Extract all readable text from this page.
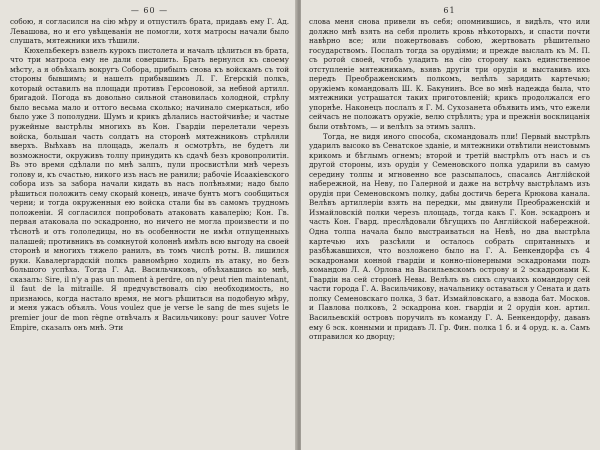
— 60 —

собою, я согласился на сію мѣру и отпустилъ брата, придавъ ему Г. Ад. Левашова, но и его увѣщеванія не помогли, хотя матросы начали было слушать, мятежники ихъ тѣшили.

Кюхельбекеръ взвелъ курокъ пистолета и началъ цѣлиться въ брата, что три матроса ему не дали совершить. Брать вернулся къ своему мѣсту, а я объѣхалъ вокругъ Собора, прибылъ снова къ войскамъ съ той стороны бывшимъ; и нашелъ прибывшимъ Л. Г. Егерскій полкъ, который оставилъ на площади противъ Герсоновой, за небной артилл. бригадой. Погода въ довольно сильной становилась холодной, стрѣлу было весьма мало и оттого весьма сколько; начинало смеркаться, ибо было уже 3 пополудни. Шумъ и крикъ дѣлались настойчивѣе; и частые ружейные выстрѣлы многихъ въ Кон. Гвардіи перелетали черезъ войска, большая часть солдатъ на сторонѣ мятежниковъ стрѣляли вверхъ. Выѣхавъ на площадь, желалъ я осмотрѣть, не будетъ ли возможности, окруживъ толпу принудить къ сдачѣ безъ кровопролитія. Въ это время сдѣлали по мнѣ залпъ, пули просвистѣли мнѣ черезъ голову и, къ счастью, никого изъ насъ не ранили; рабочіе Исаакіевского собора изъ за забора начали кидать въ насъ полѣньями; надо было рѣшиться положить сему скорый конецъ, иначе бунтъ могъ сообщиться черни; и тогда окруженныя ею войска стали бы въ самомъ трудномъ положеніи. Я согласился попробовать атаковать кавалерію; Кон. Гв. первая атаковала по эскадронно, но ничего не могла произвести и по тѣснотѣ и отъ гололедицы, но въ особенности не имѣя отпущенныхъ палашей; противникъ въ сомкнутой колоннѣ имѣлъ всю выгоду на своей сторонѣ и многихъ тяжело ранилъ, въ томъ числѣ роты. В. лишился руки. Кавалергардскій полкъ равномѣрно ходилъ въ атаку, но безъ большого успѣха. Тогда Г. Ад. Васильчиковъ, объѣхавшись ко мнѣ, сказалъ: Sire, il n'y a pas un moment à perdre, on n'y peut rien maintenant, il faut de la mitraille. Я предчувствовалъ сію необходимость, но признаюсь, когда настало время, не могъ рѣшиться на подобную мѣру, и меня ужасъ объялъ. Vous voulez que je verse le sang de mes sujets le premier jour de mon règne отвѣчалъ я Васильчикову: pour sauver Votre Empire, сказалъ онъ мнѣ. Эти

61

слова меня снова привели въ себя; опомнившись, я видѣлъ, что или должно мнѣ взять на себя пролить кровь нѣкоторыхъ, и спасти почти навѣрно все; или пожертвовавъ собою, жертвовать рѣшительно государствомъ. Послалъ тогда за орудіями; и прежде выслалъ къ М. П. съ ротой своей, чтобъ уладить на сію сторону какъ единственное отступленіе мятежникамъ, взявъ другія три орудія и выставивъ ихъ передъ Преображенскимъ полкомъ, велѣлъ зарядить картечью; оружіемъ командовалъ Ш. К. Бакунинъ. Все во мнѣ надежда была, что мятежники устрашатся таких приготовленій; крикъ продолжался его упорнѣе. Наконецъ послалъ я Г. М. Сухозанета объявить имъ, что ежели сейчасъ не положатъ оружіе, велю стрѣлять; ура и прежнія восклицанія были отвѣтомъ, — и велѣлъ за этимъ залпъ.

Тогда, не видя иного способа, скомандовалъ пли! Первый выстрѣлъ ударилъ высоко въ Сенатское зданіе, и мятежники отвѣтили неистовымъ крикомъ и бѣглымъ огнемъ; второй и третій выстрѣлъ отъ насъ и съ другой стороны, изъ орудія у Семеновского полка ударили въ самую середину толпы и мгновенно все разсыпалось, спасаясь Англійской набережной, на Неву, по Галерной и даже на встрѣчу выстрѣламъ изъ орудія при Семеновскомъ полку, дабы достичь берега Крюкова канала. Велѣвъ артиллеріи взять на передки, мы двинули Преображенскій и Измайловскій полки черезъ площадь, тогда какъ Г. Кон. эскадронъ и часть Кон. Гвард. преслѣдовали бѣгущихъ по Англійской набережной. Одна толпа начала было выстраиваться на Невѣ, но два выстрѣла картечью ихъ разсѣяли и осталось собрать спрятанныхъ и разбѣжавшихся, что возложено было на Г. А. Бенкендорфа съ 4 эскадронами конной гвардіи и конно-піонерными эскадронами подъ командою Л. А. Орлова на Васильевскомъ острову и 2 эскадронами К. Гвардіи на сей сторонѣ Невы. Велѣлъ въ сихъ случаяхъ командору сей части города Г. А. Васильчикову, начальнику оставаться у Сената и дать полку Семеновскаго полка, 3 бат. Измайловскаго, а взвода бат. Москов. и Павлова полковъ, 2 эскадрона кон. гвардіи и 2 орудія кон. артил. Васильевскій островъ поручилъ въ команду Г. А. Бенкендорфу, дававъ ему 6 эск. конными и придавъ Л. Гр. Фин. полка 1 б. и 4 оруд. к. а. Самъ отправился ко дворцу;
